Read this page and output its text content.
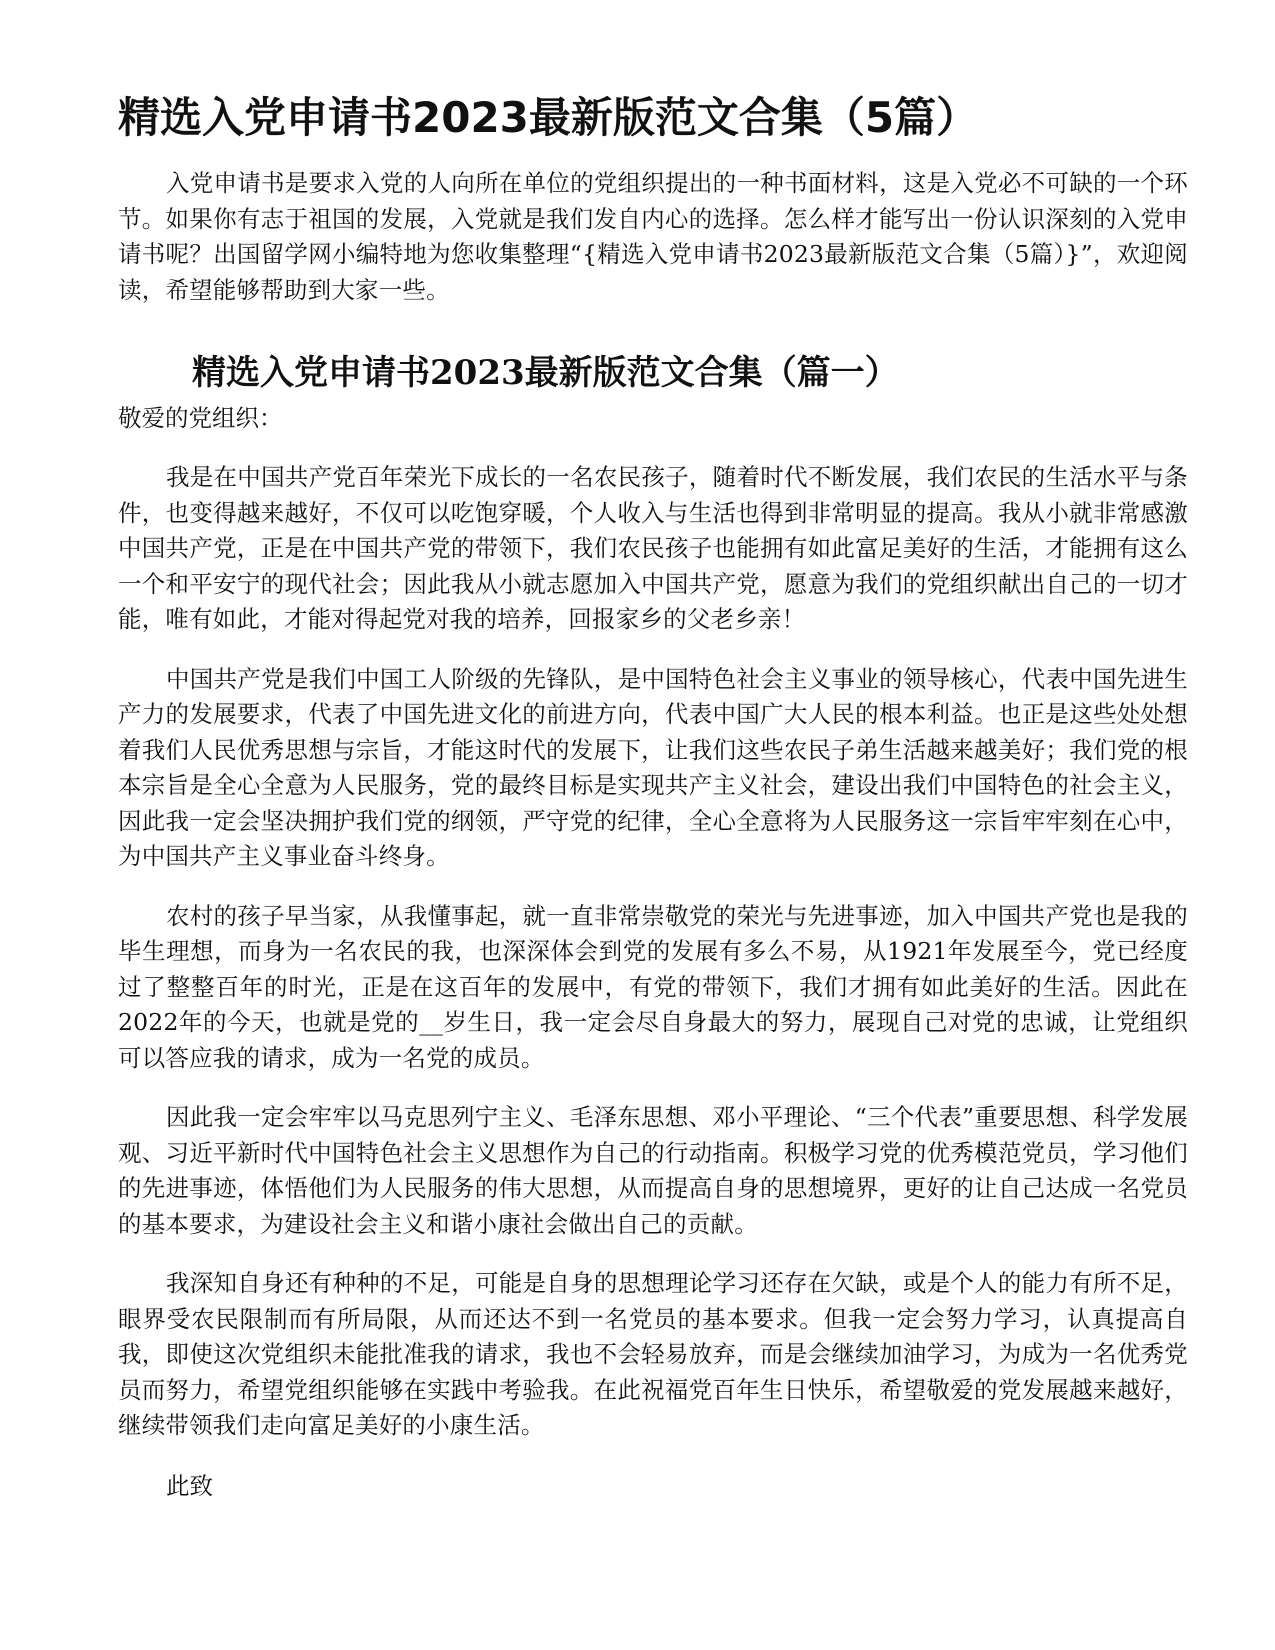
精选入党申请书2023最新版范文合集（5篇）

入党申请书是要求入党的人向所在单位的党组织提出的一种书面材料，这是入党必不可缺的一个环节。如果你有志于祖国的发展，入党就是我们发自内心的选择。怎么样才能写出一份认识深刻的入党申请书呢？出国留学网小编特地为您收集整理“{精选入党申请书2023最新版范文合集（5篇）}”，欢迎阅读，希望能够帮助到大家一些。

精选入党申请书2023最新版范文合集（篇一）

敬爱的党组织：

我是在中国共产党百年荣光下成长的一名农民孩子，随着时代不断发展，我们农民的生活水平与条件，也变得越来越好，不仅可以吃饱穿暖，个人收入与生活也得到非常明显的提高。我从小就非常感激中国共产党，正是在中国共产党的带领下，我们农民孩子也能拥有如此富足美好的生活，才能拥有这么一个和平安宁的现代社会；因此我从小就志愿加入中国共产党，愿意为我们的党组织献出自己的一切才能，唯有如此，才能对得起党对我的培养，回报家乡的父老乡亲！

中国共产党是我们中国工人阶级的先锋队，是中国特色社会主义事业的领导核心，代表中国先进生产力的发展要求，代表了中国先进文化的前进方向，代表中国广大人民的根本利益。也正是这些处处想着我们人民优秀思想与宗旨，才能这时代的发展下，让我们这些农民子弟生活越来越美好；我们党的根本宗旨是全心全意为人民服务，党的最终目标是实现共产主义社会，建设出我们中国特色的社会主义，因此我一定会坚决拥护我们党的纲领，严守党的纪律，全心全意将为人民服务这一宗旨牢牢刻在心中，为中国共产主义事业奋斗终身。

农村的孩子早当家，从我懂事起，就一直非常崇敬党的荣光与先进事迹，加入中国共产党也是我的毕生理想，而身为一名农民的我，也深深体会到党的发展有多么不易，从1921年发展至今，党已经度过了整整百年的时光，正是在这百年的发展中，有党的带领下，我们才拥有如此美好的生活。因此在2022年的今天，也就是党的__岁生日，我一定会尽自身最大的努力，展现自己对党的忠诚，让党组织可以答应我的请求，成为一名党的成员。

因此我一定会牢牢以马克思列宁主义、毛泽东思想、邓小平理论、“三个代表”重要思想、科学发展观、习近平新时代中国特色社会主义思想作为自己的行动指南。积极学习党的优秀模范党员，学习他们的先进事迹，体悟他们为人民服务的伟大思想，从而提高自身的思想境界，更好的让自己达成一名党员的基本要求，为建设社会主义和谐小康社会做出自己的贡献。

我深知自身还有种种的不足，可能是自身的思想理论学习还存在欠缺，或是个人的能力有所不足，眼界受农民限制而有所局限，从而还达不到一名党员的基本要求。但我一定会努力学习，认真提高自我，即使这次党组织未能批准我的请求，我也不会轻易放弃，而是会继续加油学习，为成为一名优秀党员而努力，希望党组织能够在实践中考验我。在此祝福党百年生日快乐，希望敬爱的党发展越来越好，继续带领我们走向富足美好的小康生活。

此致
